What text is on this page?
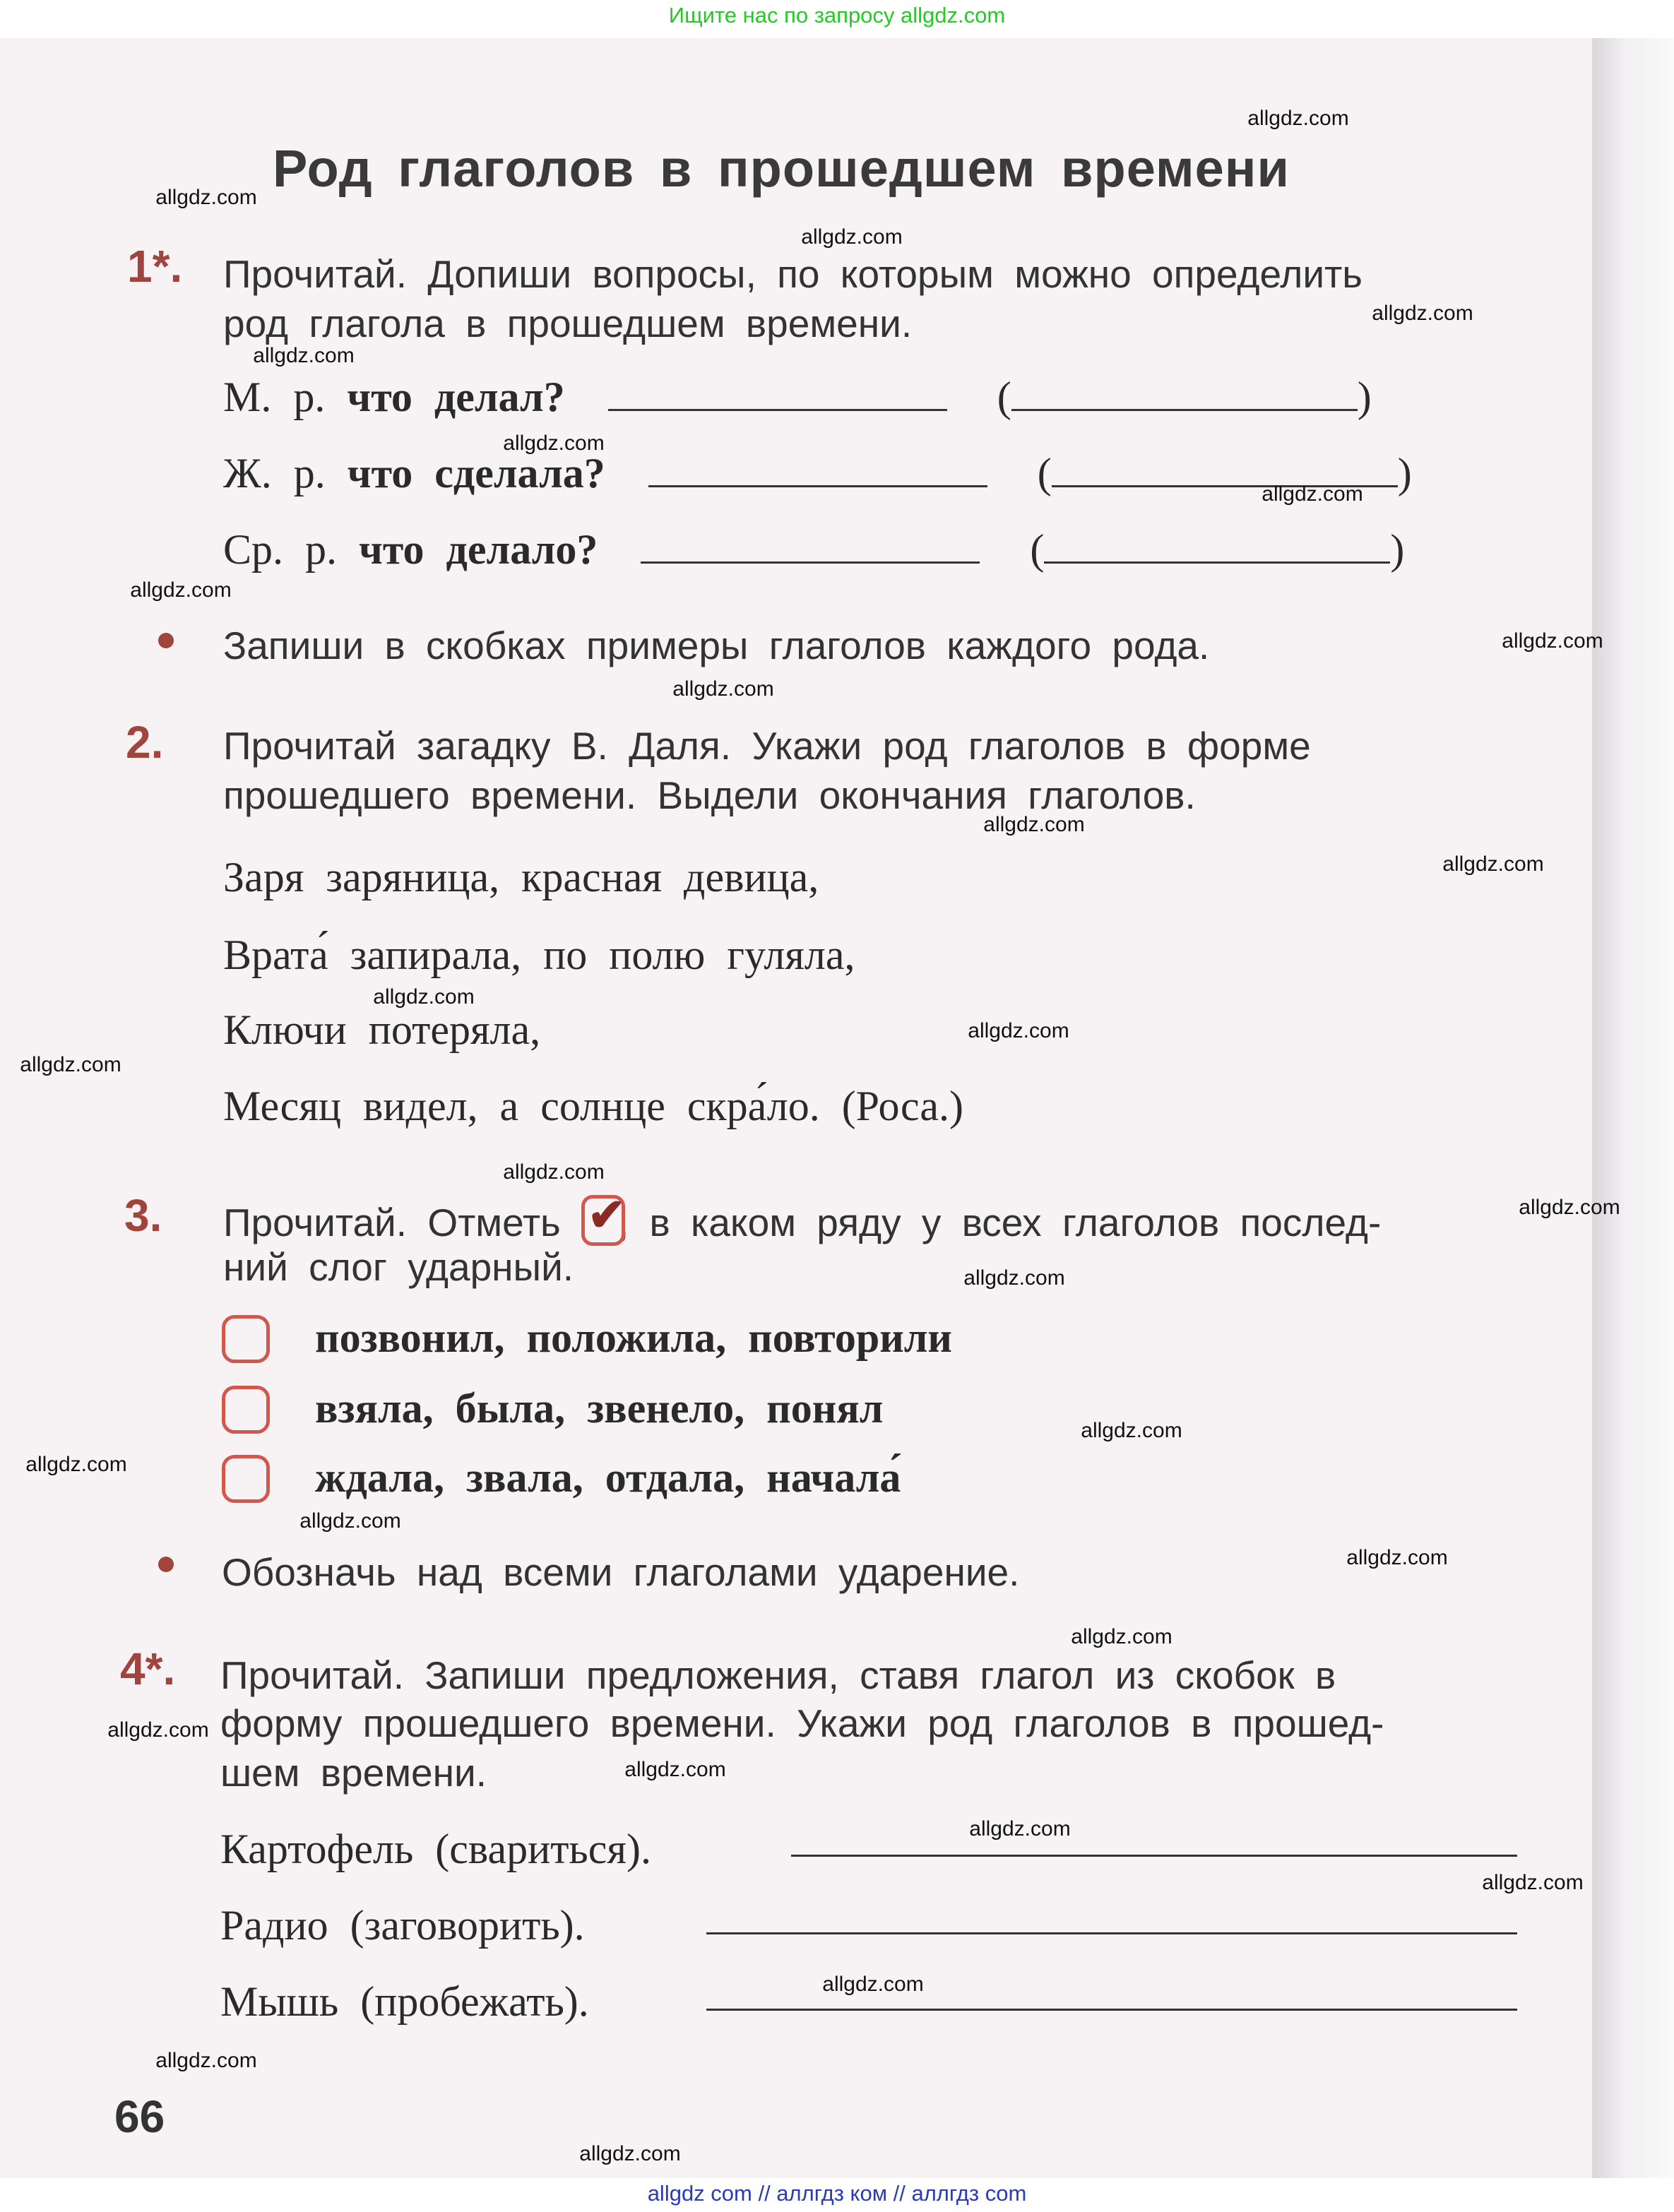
Ищите нас по запросу allgdz.com
Род глаголов в прошедшем времени
1*. Прочитай. Допиши вопросы, по которым можно определить
род глагола в прошедшем времени.
М. р. что делал?	(	)
Ж. р. что сделала?	(	)
Ср. р. что делало?	(	)
Запиши в скобках примеры глаголов каждого рода.
2. Прочитай загадку В. Даля. Укажи род глаголов в форме
прошедшего времени. Выдели окончания глаголов.
Заря заряница, красная девица,
Врата́ запирала, по полю гуляла,
Ключи потеряла,
Месяц видел, а солнце скра́ло. (Роса.)
3. Прочитай. Отметь ✔
, в каком ряду у всех глаголов послед-
ний слог ударный.
позвонил, положила, повторили
взяла, была, звенело, понял
ждала, звала, отдала, начала́
Обозначь над всеми глаголами ударение.
4*. Прочитай. Запиши предложения, ставя глагол из скобок в
форму прошедшего времени. Укажи род глаголов в прошед-
шем времени.
Картофель (свариться).
Радио (заговорить).
Мышь (пробежать).
66
allgdz.com
allgdz.com
allgdz.com
allgdz.com
allgdz.com
allgdz.com
allgdz.com
allgdz.com
allgdz.com
allgdz.com
allgdz.com
allgdz.com
allgdz.com
allgdz.com
allgdz.com
allgdz.com
allgdz.com
allgdz.com
allgdz.com
allgdz.com
allgdz.com
allgdz.com
allgdz.com
allgdz.com
allgdz.com
allgdz.com
allgdz.com
allgdz.com
allgdz.com
allgdz.com
allgdz com // аллгдз ком // аллгдз com
